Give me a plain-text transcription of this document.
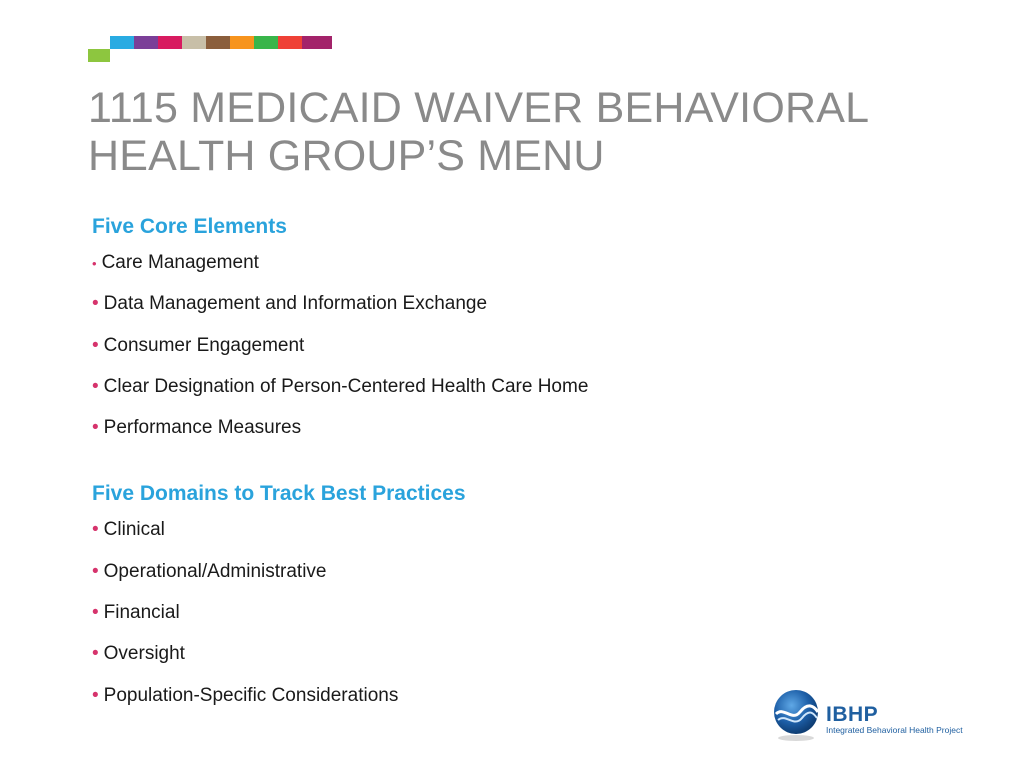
1115 MEDICAID WAIVER BEHAVIORAL HEALTH GROUP’S MENU
Five Core Elements
• Care Management
• Data Management and Information Exchange
• Consumer Engagement
• Clear Designation of Person-Centered Health Care Home
• Performance Measures
Five Domains to Track Best Practices
• Clinical
• Operational/Administrative
• Financial
• Oversight
• Population-Specific Considerations
IBHP
Integrated Behavioral Health Project
